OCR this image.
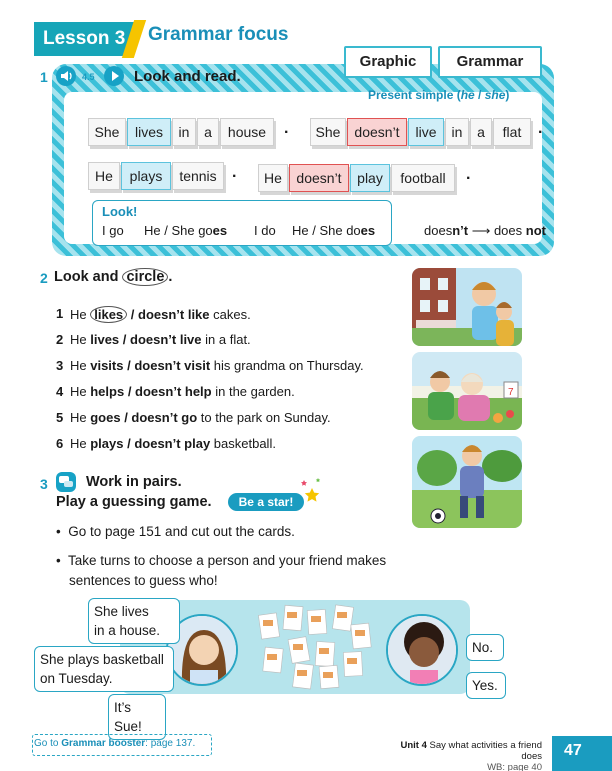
Lesson 3	Grammar focus
Graphic	Grammar
Present simple (he / she)
1	4.5	Look and read.
She	lives	in	a	house	.	She doesn’t	live	in	a	flat	.
He	plays	tennis .	He	doesn’t	play	football	.
Look!
I go He / She goes I do He / She does	doesn’t ⟶ does not
2 Look and circle .
1 He likes / doesn’t like cakes.
2 He lives / doesn’t live in a flat.
3 He visits / doesn’t visit his grandma on Thursday.
4 He helps / doesn’t help in the garden.
5 He goes / doesn’t go to the park on Sunday.
6 He plays / doesn’t play basketball.
7
3	Work in pairs.
Play a guessing game.	Be a star!
•  Go to page 151 and cut out the cards.
•  Take turns to choose a person and your friend makes
sentences to guess who!
She lives
in a house.
She plays basketball
on Tuesday.
It’s Sue!
No.
Yes.
Go to Grammar booster: page 137.	Unit 4 Say what activities a friend does
WB: page 40
47
